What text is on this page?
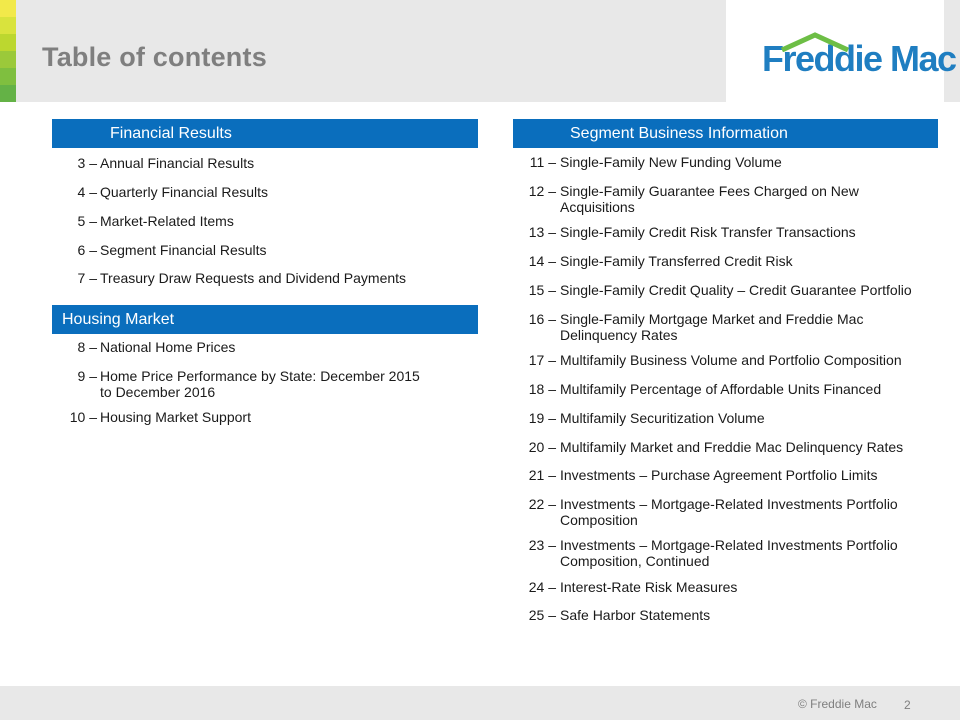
Table of contents	Freddie Mac
Financial Results
3 – Annual Financial Results
4 – Quarterly Financial Results
5 – Market-Related Items
6 – Segment Financial Results
7 – Treasury Draw Requests and Dividend Payments
Housing Market
8 – National Home Prices
9 – Home Price Performance by State: December 2015 to December 2016
10 – Housing Market Support
Segment Business Information
11 – Single-Family New Funding Volume
12 – Single-Family Guarantee Fees Charged on New Acquisitions
13 – Single-Family Credit Risk Transfer Transactions
14 – Single-Family Transferred Credit Risk
15 – Single-Family Credit Quality – Credit Guarantee Portfolio
16 – Single-Family Mortgage Market and Freddie Mac Delinquency Rates
17 – Multifamily Business Volume and Portfolio Composition
18 – Multifamily Percentage of Affordable Units Financed
19 – Multifamily Securitization Volume
20 – Multifamily Market and Freddie Mac Delinquency Rates
21 – Investments – Purchase Agreement Portfolio Limits
22 – Investments – Mortgage-Related Investments Portfolio Composition
23 – Investments – Mortgage-Related Investments Portfolio Composition, Continued
24 – Interest-Rate Risk Measures
25 – Safe Harbor Statements
© Freddie Mac 2
